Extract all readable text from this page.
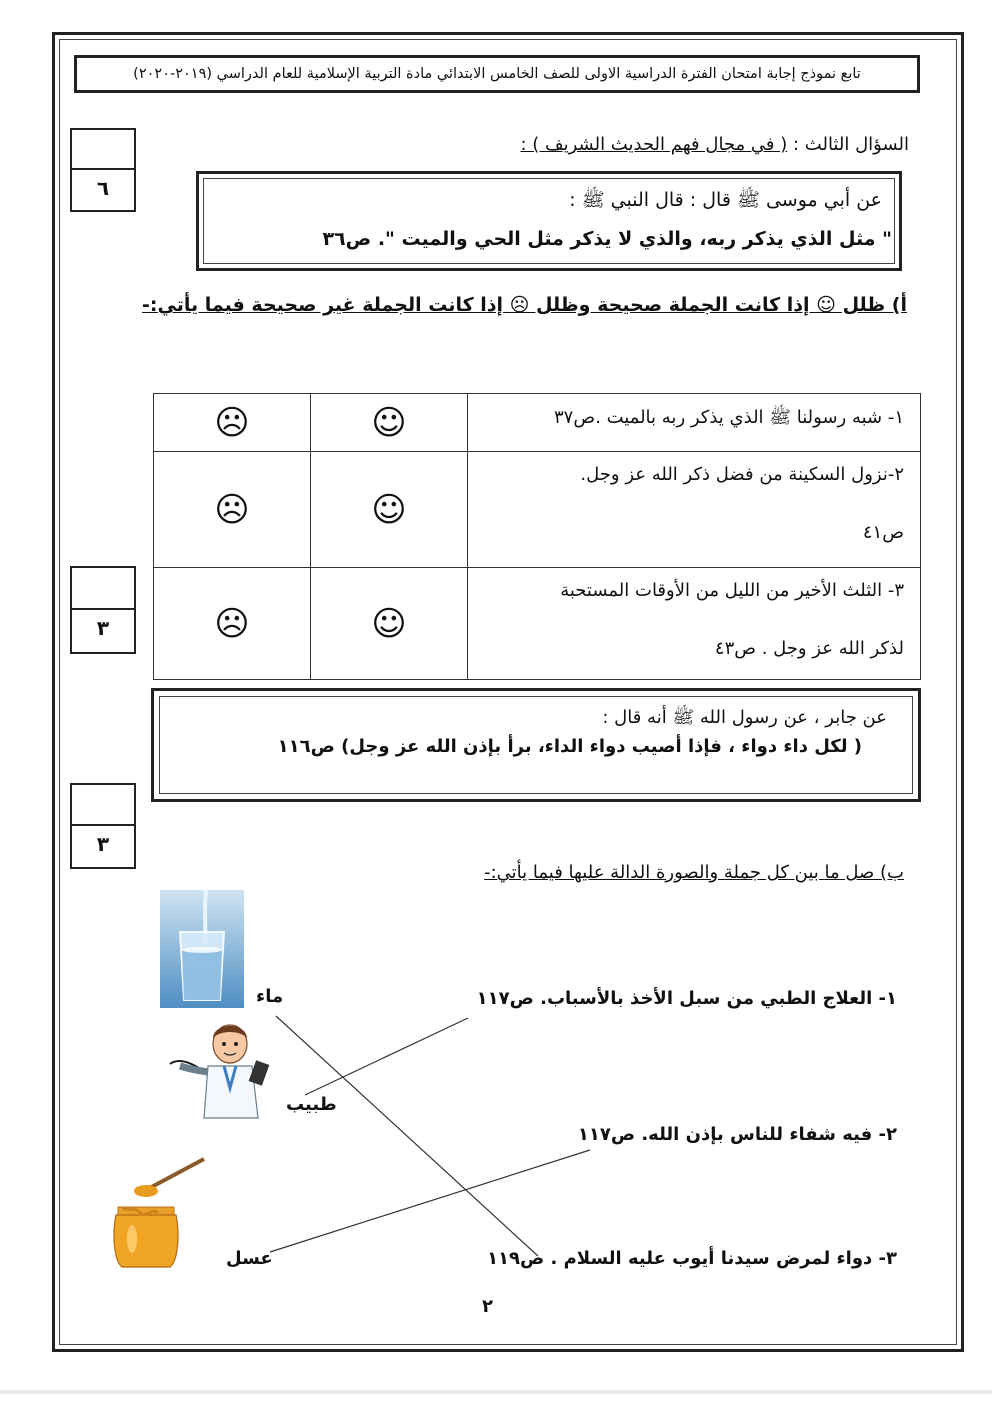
تابع نموذج إجابة امتحان الفترة الدراسية الاولى للصف الخامس الابتدائي مادة التربية الإسلامية للعام الدراسي (٢٠١٩-٢٠٢٠)
٦
٣
٣
السؤال الثالث : ( في مجال فهم الحديث الشريف ) :
عن أبي موسى ﷺ قال : قال النبي ﷺ :
" مثل الذي يذكر ربه، والذي لا يذكر مثل الحي والميت ". ص٣٦
أ) ظلل ☺ إذا كانت الجملة صحيحة وظلل ☹ إذا كانت الجملة غير صحيحة فيما يأتي:-
☹	☺	١- شبه رسولنا ﷺ الذي يذكر ربه بالميت .ص٣٧

☹	☺	٢-نزول السكينة من فضل ذكر الله عز وجل.
ص٤١

☹	☺	٣- الثلث الأخير من الليل من الأوقات المستحبة
لذكر الله عز وجل . ص٤٣
عن جابر ، عن رسول الله ﷺ أنه قال :
( لكل داء دواء ، فإذا أصيب دواء الداء، برأ بإذن الله عز وجل) ص١١٦
ب) صل ما بين كل جملة والصورة الدالة عليها فيما يأتي:-
١- العلاج الطبي من سبل الأخذ بالأسباب. ص١١٧
٢- فيه شفاء للناس بإذن الله. ص١١٧
٣- دواء لمرض سيدنا أيوب عليه السلام . ص١١٩
ماء
طبيب
عسل
٢
